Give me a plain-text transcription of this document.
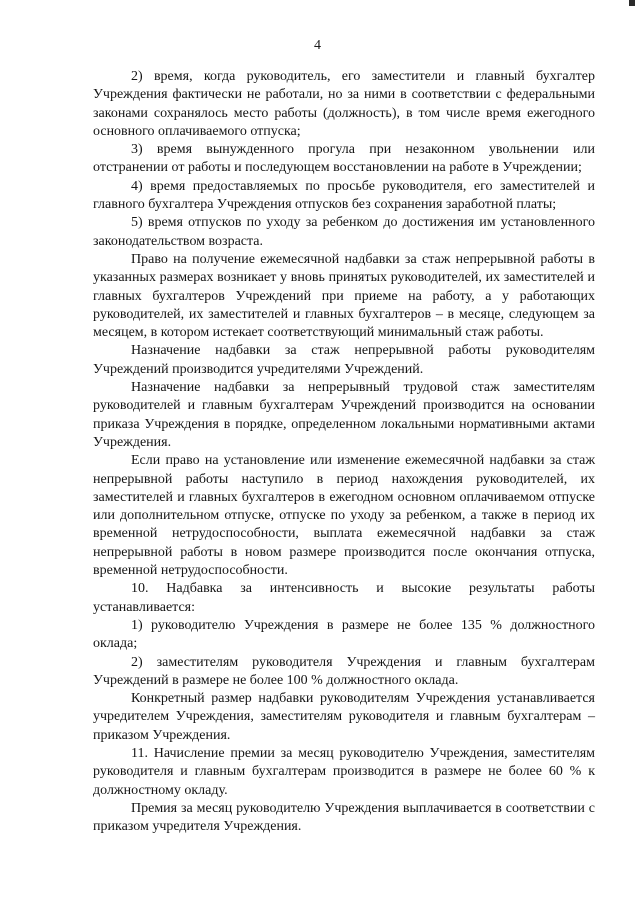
4

2) время, когда руководитель, его заместители и главный бухгалтер Учреждения фактически не работали, но за ними в соответствии с федеральными законами сохранялось место работы (должность), в том числе время ежегодного основного оплачиваемого отпуска;

3) время вынужденного прогула при незаконном увольнении или отстранении от работы и последующем восстановлении на работе в Учреждении;

4) время предоставляемых по просьбе руководителя, его заместителей и главного бухгалтера Учреждения отпусков без сохранения заработной платы;

5) время отпусков по уходу за ребенком до достижения им установленного законодательством возраста.

Право на получение ежемесячной надбавки за стаж непрерывной работы в указанных размерах возникает у вновь принятых руководителей, их заместителей и главных бухгалтеров Учреждений при приеме на работу, а у работающих руководителей, их заместителей и главных бухгалтеров – в месяце, следующем за месяцем, в котором истекает соответствующий минимальный стаж работы.

Назначение надбавки за стаж непрерывной работы руководителям Учреждений производится учредителями Учреждений.

Назначение надбавки за непрерывный трудовой стаж заместителям руководителей и главным бухгалтерам Учреждений производится на основании приказа Учреждения в порядке, определенном локальными нормативными актами Учреждения.

Если право на установление или изменение ежемесячной надбавки за стаж непрерывной работы наступило в период нахождения руководителей, их заместителей и главных бухгалтеров в ежегодном основном оплачиваемом отпуске или дополнительном отпуске, отпуске по уходу за ребенком, а также в период их временной нетрудоспособности, выплата ежемесячной надбавки за стаж непрерывной работы в новом размере производится после окончания отпуска, временной нетрудоспособности.

10. Надбавка за интенсивность и высокие результаты работы устанавливается:

1) руководителю Учреждения в размере не более 135 % должностного оклада;

2) заместителям руководителя Учреждения и главным бухгалтерам Учреждений в размере не более 100 % должностного оклада.

Конкретный размер надбавки руководителям Учреждения устанавливается учредителем Учреждения, заместителям руководителя и главным бухгалтерам – приказом Учреждения.

11. Начисление премии за месяц руководителю Учреждения, заместителям руководителя и главным бухгалтерам производится в размере не более 60 % к должностному окладу.

Премия за месяц руководителю Учреждения выплачивается в соответствии с приказом учредителя Учреждения.
